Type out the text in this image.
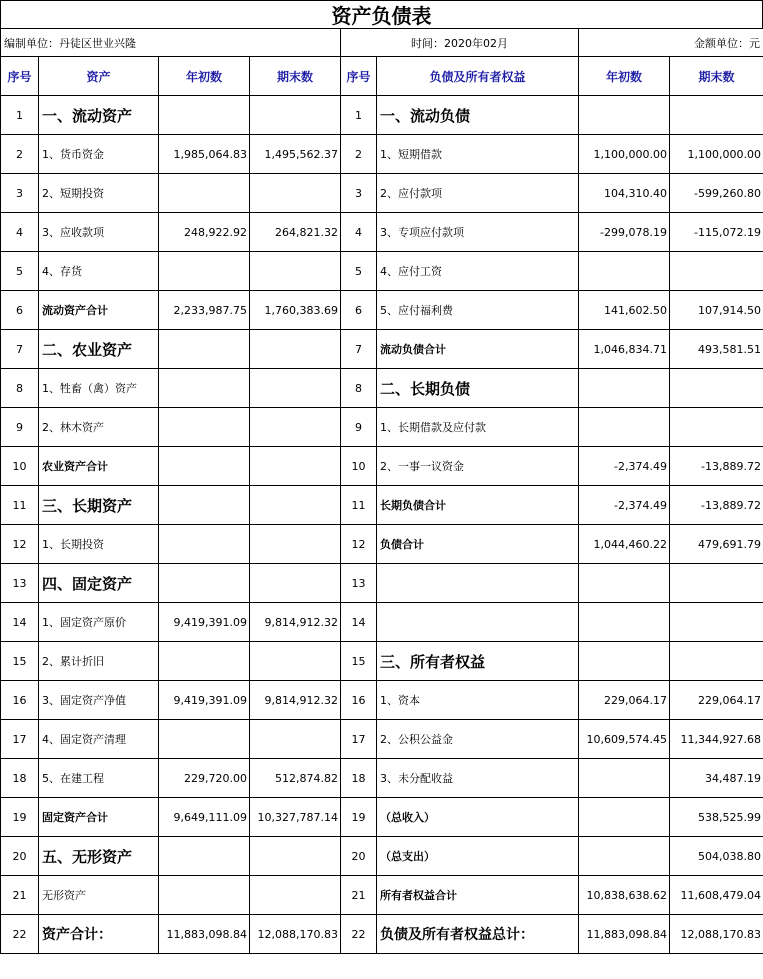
资产负债表
编制单位：丹徒区世业兴隆				时间：2020年02月		金额单位：元	
序号	资产	年初数	期末数	序号	负债及所有者权益	年初数	期末数
1	一、流动资产			1	一、流动负债		
2	1、货币资金	1,985,064.83	1,495,562.37	2	1、短期借款	1,100,000.00	1,100,000.00
3	2、短期投资			3	2、应付款项	104,310.40	-599,260.80
4	3、应收款项	248,922.92	264,821.32	4	3、专项应付款项	-299,078.19	-115,072.19
5	4、存货			5	4、应付工资		
6	流动资产合计	2,233,987.75	1,760,383.69	6	5、应付福利费	141,602.50	107,914.50
7	二、农业资产			7	流动负债合计	1,046,834.71	493,581.51
8	1、牲畜（禽）资产			8	二、长期负债		
9	2、林木资产			9	1、长期借款及应付款		
10	农业资产合计			10	2、一事一议资金	-2,374.49	-13,889.72
11	三、长期资产			11	长期负债合计	-2,374.49	-13,889.72
12	1、长期投资			12	负债合计	1,044,460.22	479,691.79
13	四、固定资产			13			
14	1、固定资产原价	9,419,391.09	9,814,912.32	14			
15	2、累计折旧			15	三、所有者权益		
16	3、固定资产净值	9,419,391.09	9,814,912.32	16	1、资本	229,064.17	229,064.17
17	4、固定资产清理			17	2、公积公益金	10,609,574.45	11,344,927.68
18	5、在建工程	229,720.00	512,874.82	18	3、未分配收益		34,487.19
19	固定资产合计	9,649,111.09	10,327,787.14	19	（总收入）		538,525.99
20	五、无形资产			20	（总支出）		504,038.80
21	无形资产			21	所有者权益合计	10,838,638.62	11,608,479.04
22	资产合计：	11,883,098.84	12,088,170.83	22	负债及所有者权益总计：	11,883,098.84	12,088,170.83
